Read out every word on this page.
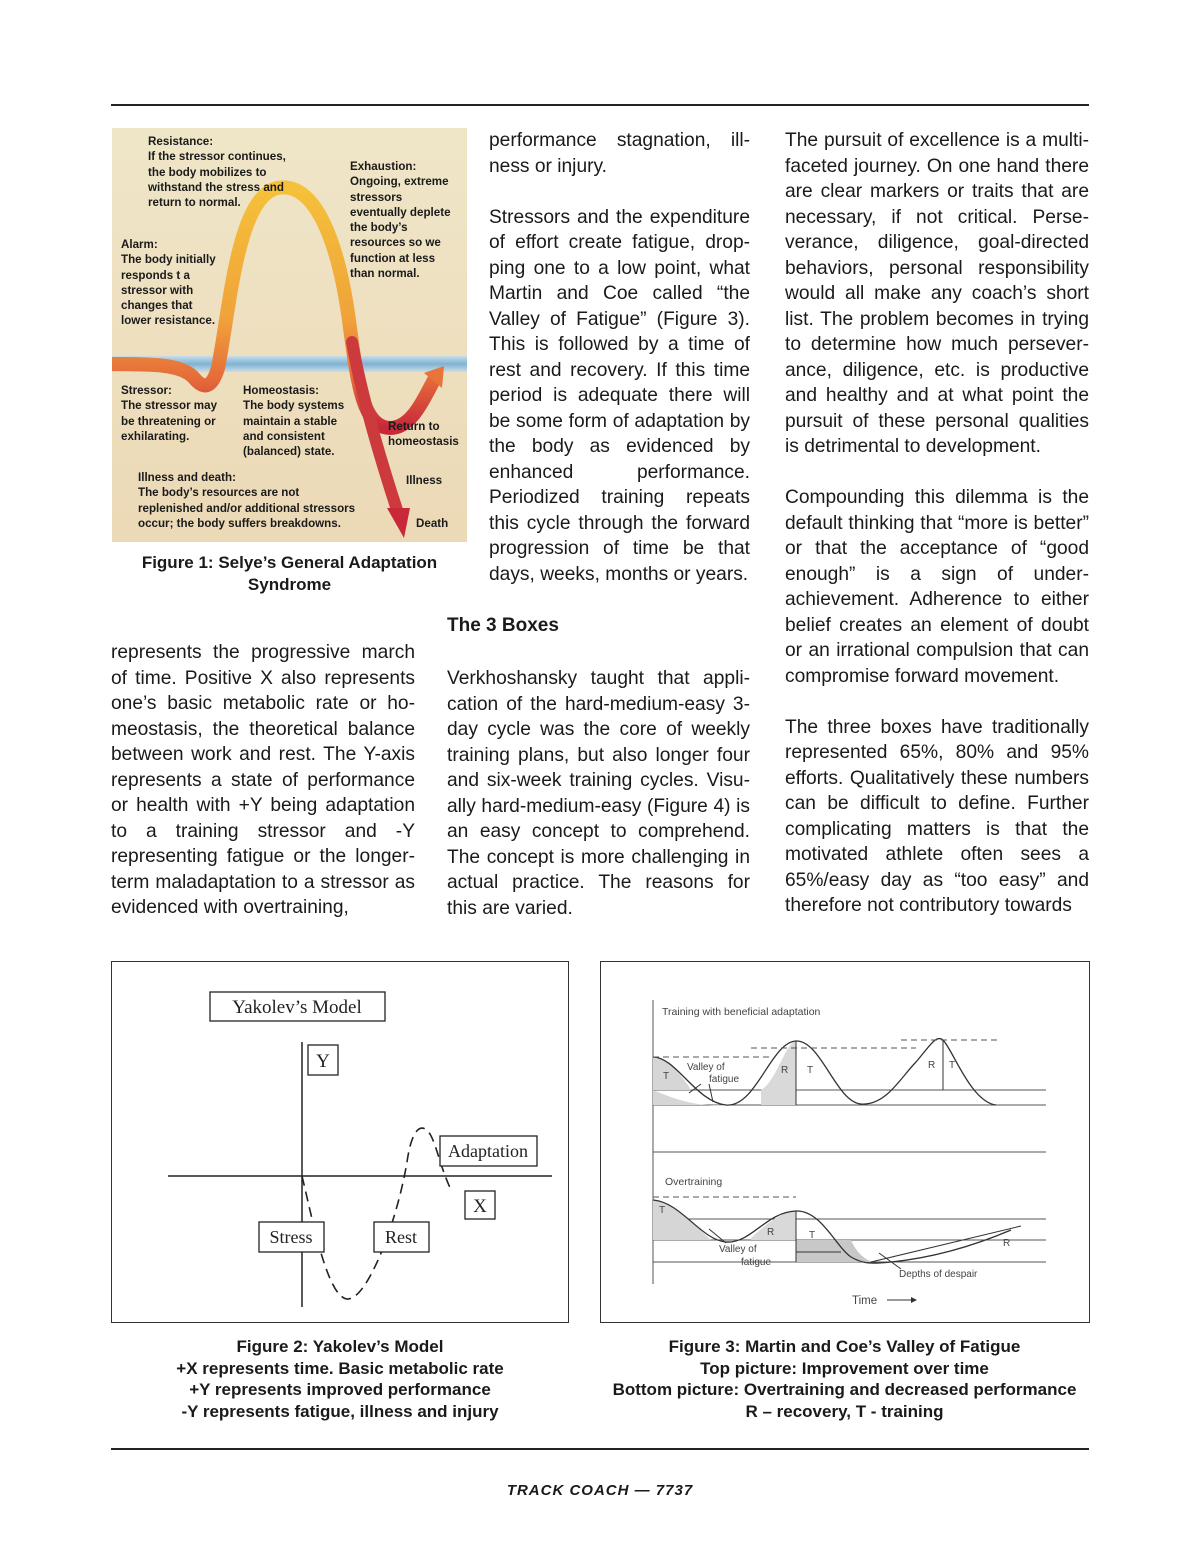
Resistance:
If the stressor continues,
the body mobilizes to
withstand the stress and
return to normal.
Exhaustion:
Ongoing, extreme
stressors
eventually deplete
the body’s
resources so we
function at less
than normal.
Alarm:
The body initially
responds t a
stressor with
changes that
lower resistance.
Stressor:
The stressor may
be threatening or
exhilarating.
Homeostasis:
The body systems
maintain a stable
and consistent
(balanced) state.
Return to
homeostasis
Illness
Death
Illness and death:
The body’s resources are not
replenished and/or additional stressors
occur; the body suffers breakdowns.
Figure 1: Selye’s General Adaptation
Syndrome

performance stagnation, illness or injury.

Stressors and the expenditure of effort create fatigue, dropping one to a low point, what Martin and Coe called “the Valley of Fatigue” (Figure 3). This is followed by a time of rest and recovery. If this time period is adequate there will be some form of adaptation by the body as evidenced by enhanced performance. Periodized training repeats this cycle through the forward progression of time be that days, weeks, months or years.

The 3 Boxes

Verkhoshansky taught that application of the hard-medium-easy 3-day cycle was the core of weekly training plans, but also longer four and six-week training cycles. Visually hard-medium-easy (Figure 4) is an easy concept to comprehend. The concept is more challenging in actual practice. The reasons for this are varied.

represents the progressive march of time. Positive X also represents one’s basic metabolic rate or homeostasis, the theoretical balance between work and rest. The Y-axis represents a state of performance or health with +Y being adaptation to a training stressor and -Y representing fatigue or the longer-term maladaptation to a stressor as evidenced with overtraining,

The pursuit of excellence is a multifaceted journey. On one hand there are clear markers or traits that are necessary, if not critical. Perseverance, diligence, goal-directed behaviors, personal responsibility would all make any coach’s short list. The problem becomes in trying to determine how much perseverance, diligence, etc. is productive and healthy and at what point the pursuit of these personal qualities is detrimental to development.

Compounding this dilemma is the default thinking that “more is better” or that the acceptance of “good enough” is a sign of underachievement. Adherence to either belief creates an element of doubt or an irrational compulsion that can compromise forward movement.

The three boxes have traditionally represented 65%, 80% and 95% efforts. Qualitatively these numbers can be difficult to define. Further complicating matters is that the motivated athlete often sees a 65%/easy day as “too easy” and therefore not contributory towards

Yakolev’s Model
Y
Adaptation
X
Stress	Rest
Figure 2: Yakolev’s Model
+X represents time. Basic metabolic rate
+Y represents improved performance
-Y represents fatigue, illness and injury
Training with beneficial adaptation
T
Valley of
fatigue
R T	R T
Overtraining
T
R	T
R
Valley of
fatigue
Depths of despair
Time
Figure 3: Martin and Coe’s Valley of Fatigue
Top picture: Improvement over time
Bottom picture: Overtraining and decreased performance
R – recovery, T - training
TRACK COACH — 7737
